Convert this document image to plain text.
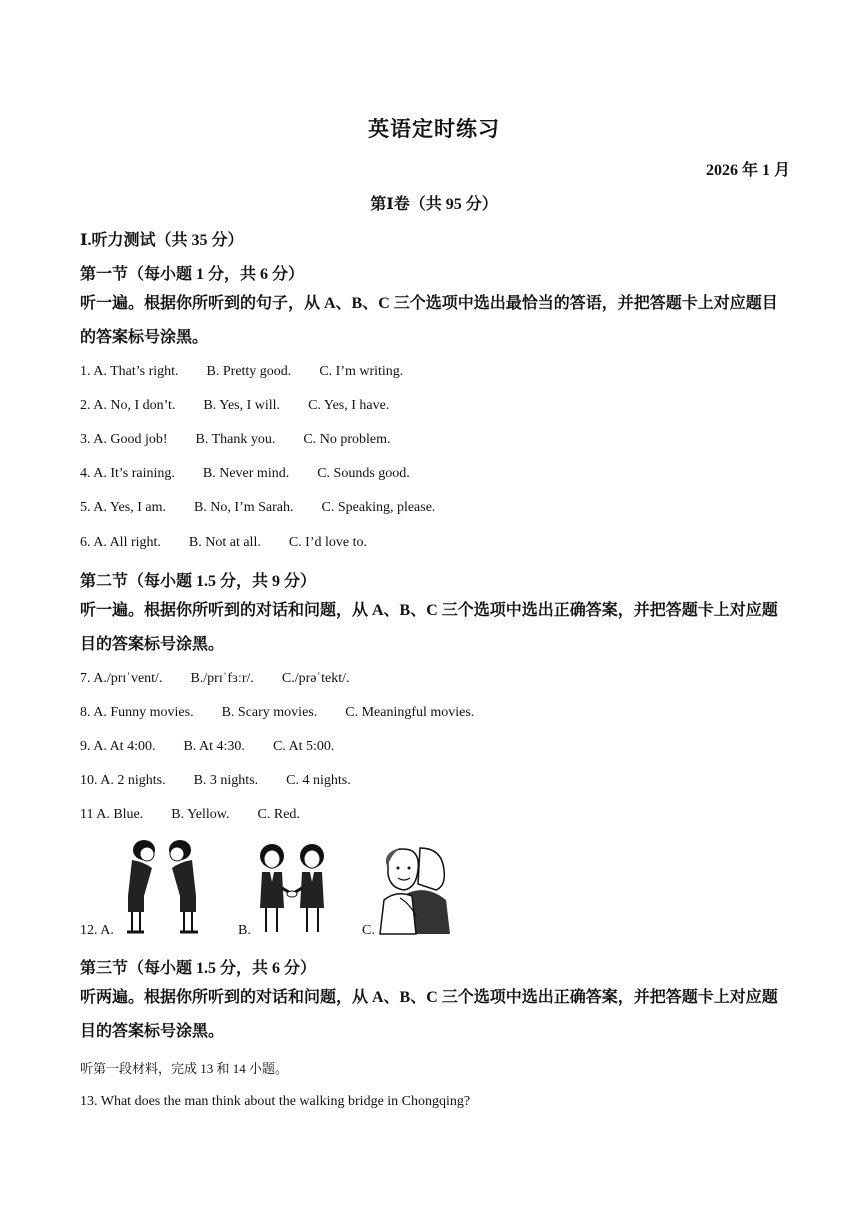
英语定时练习
2026 年 1 月
第Ⅰ卷（共 95 分）
Ⅰ.听力测试（共 35 分）
第一节（每小题 1 分，共 6 分）
听一遍。根据你所听到的句子，从 A、B、C 三个选项中选出最恰当的答语，并把答题卡上对应题目的答案标号涂黑。
1. A. That’s right. B. Pretty good. C. I’m writing.
2. A. No, I don’t. B. Yes, I will. C. Yes, I have.
3. A. Good job! B. Thank you. C. No problem.
4. A. It’s raining. B. Never mind. C. Sounds good.
5. A. Yes, I am. B. No, I’m Sarah. C. Speaking, please.
6. A. All right. B. Not at all. C. I’d love to.
第二节（每小题 1.5 分，共 9 分）
听一遍。根据你所听到的对话和问题，从 A、B、C 三个选项中选出正确答案，并把答题卡上对应题目的答案标号涂黑。
7. A./prɪˈvent/. B./prɪˈfɜːr/. C./prəˈtekt/.
8. A. Funny movies. B. Scary movies. C. Meaningful movies.
9. A. At 4:00. B. At 4:30. C. At 5:00.
10. A. 2 nights. B. 3 nights. C. 4 nights.
11 A. Blue. B. Yellow. C. Red.
12. A.	B.	C.
第三节（每小题 1.5 分，共 6 分）
听两遍。根据你所听到的对话和问题，从 A、B、C 三个选项中选出正确答案，并把答题卡上对应题目的答案标号涂黑。
听第一段材料，完成 13 和 14 小题。
13. What does the man think about the walking bridge in Chongqing?
